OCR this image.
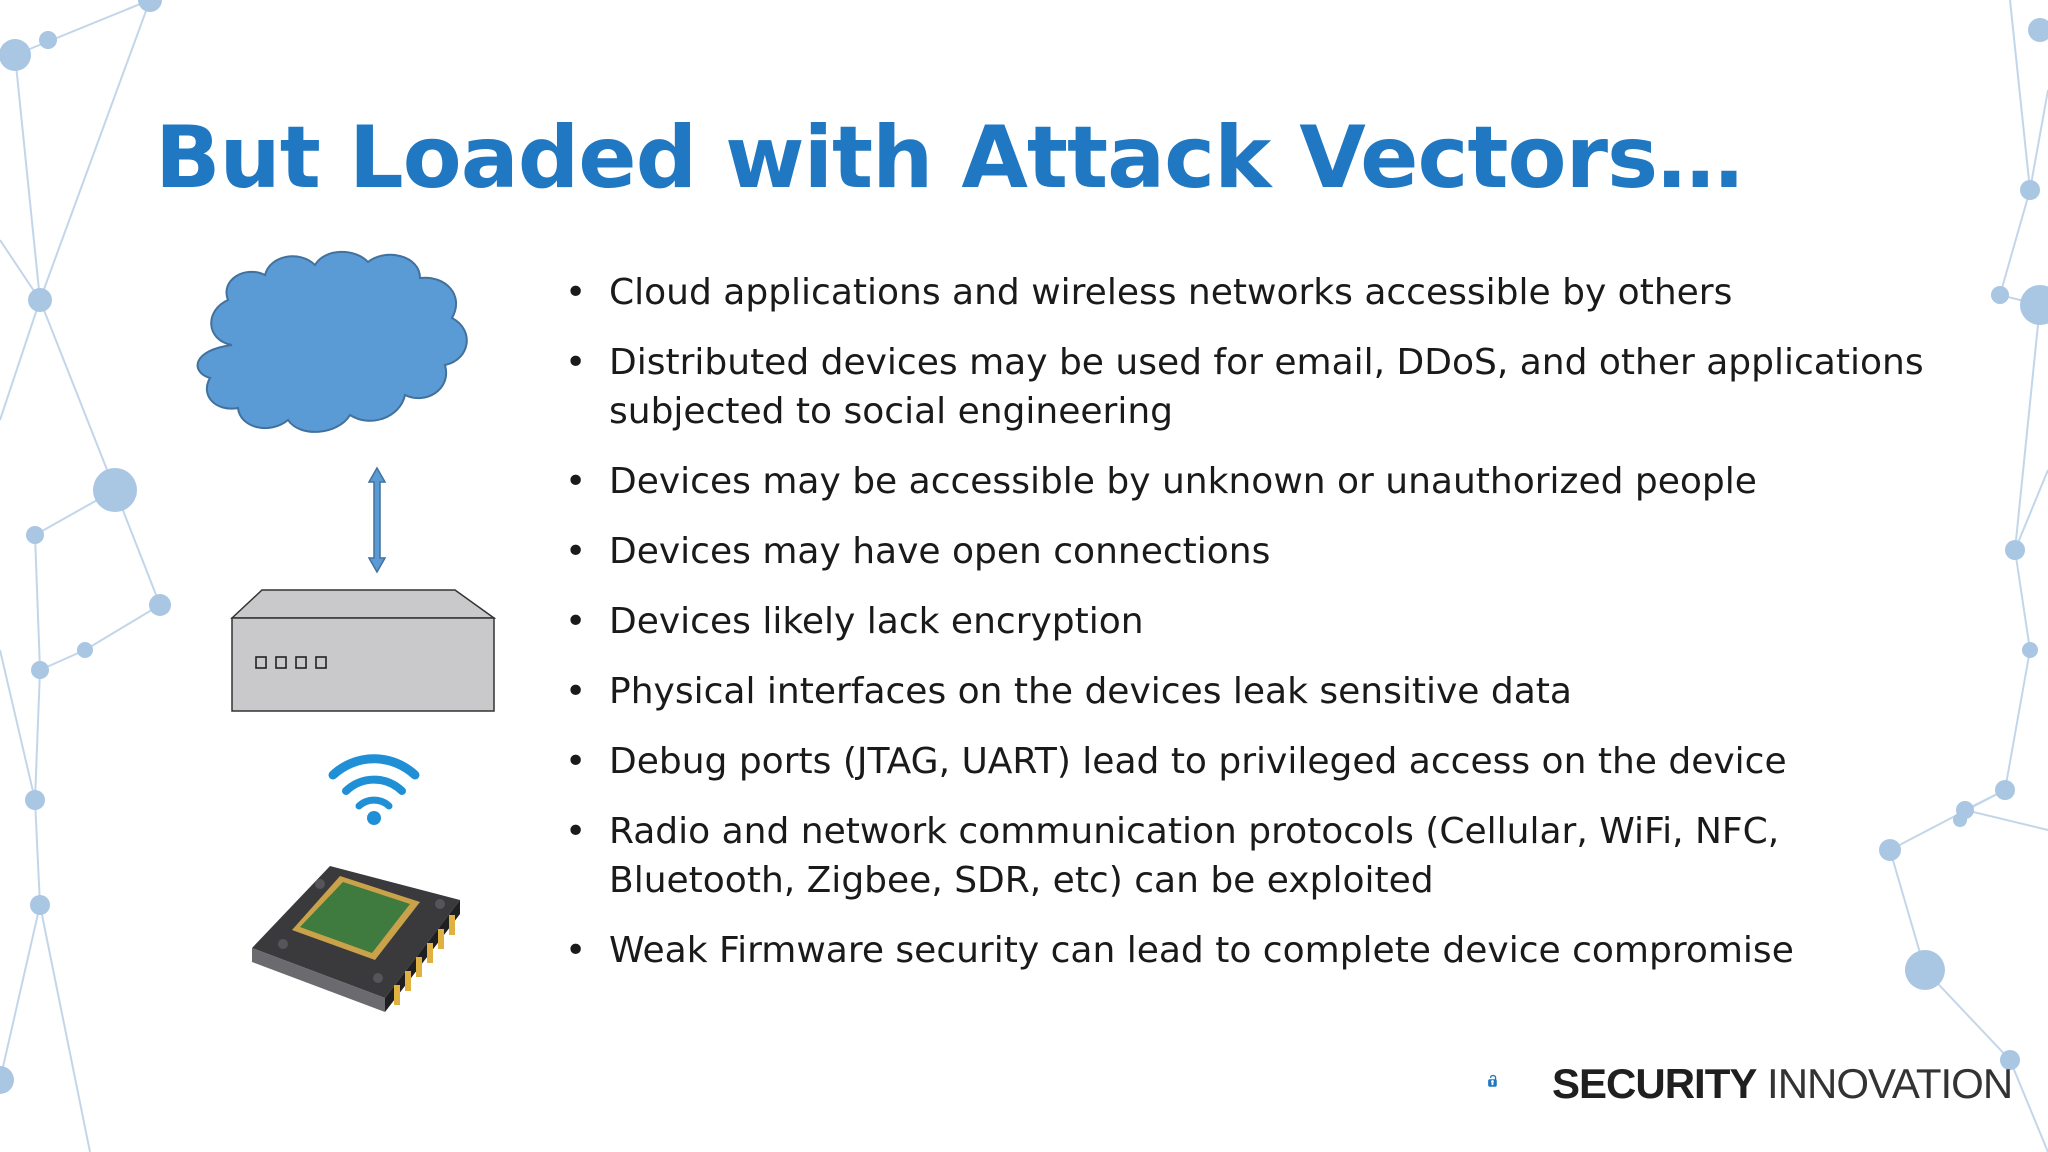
But Loaded with Attack Vectors…
• Cloud applications and wireless networks accessible by others
• Distributed devices may be used for email, DDoS, and other applications subjected to social engineering
• Devices may be accessible by unknown or unauthorized people
• Devices may have open connections
• Devices likely lack encryption
• Physical interfaces on the devices leak sensitive data
• Debug ports (JTAG, UART) lead to privileged access on the device
• Radio and network communication protocols (Cellular, WiFi, NFC, Bluetooth, Zigbee, SDR, etc) can be exploited
• Weak Firmware security can lead to complete device compromise
SECURITY INNOVATION
